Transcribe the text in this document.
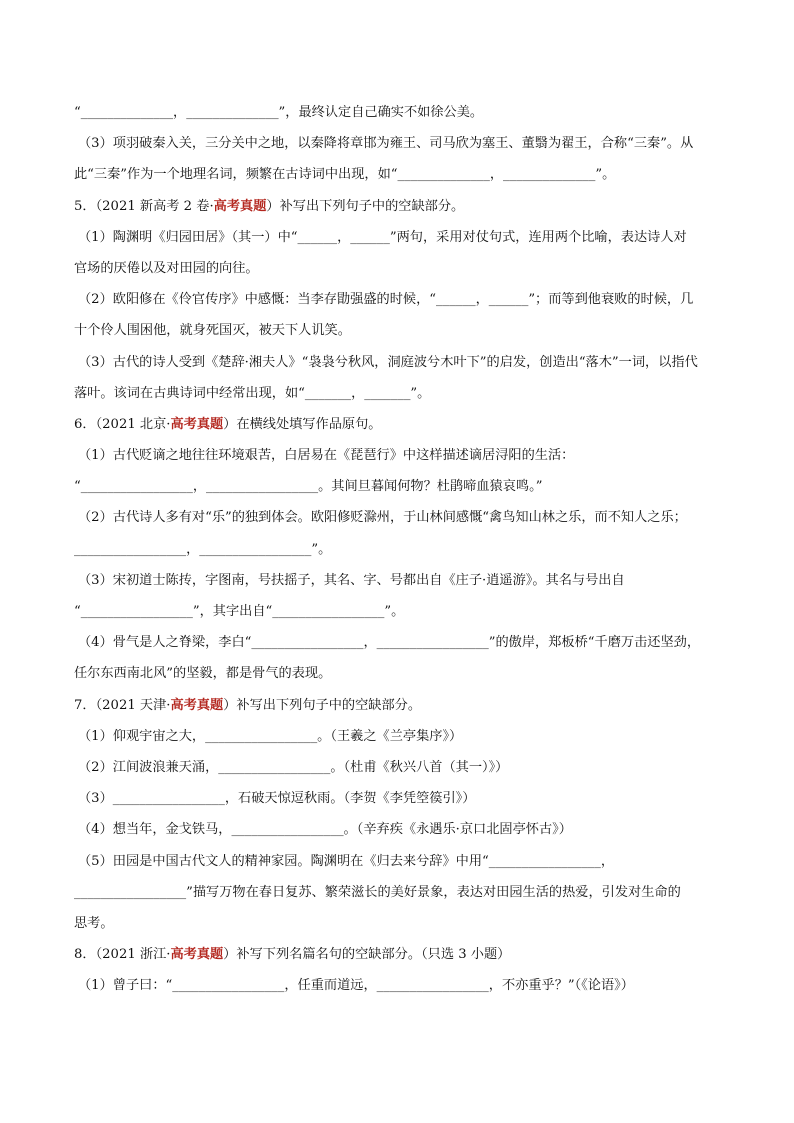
“______________，______________”，最终认定自己确实不如徐公美。
（3）项羽破秦入关，三分关中之地，以秦降将章邯为雍王、司马欣为塞王、董翳为翟王，合称“三秦”。从
此“三秦”作为一个地理名词，频繁在古诗词中出现，如“______________，______________”。
5．（2021 新高考 2 卷·高考真题）补写出下列句子中的空缺部分。
（1）陶渊明《归园田居》（其一）中“______，______”两句，采用对仗句式，连用两个比喻，表达诗人对
官场的厌倦以及对田园的向往。
（2）欧阳修在《伶官传序》中感慨：当李存勖强盛的时候，“______，______”；而等到他衰败的时候，几
十个伶人围困他，就身死国灭，被天下人讥笑。
（3）古代的诗人受到《楚辞·湘夫人》“袅袅兮秋风，洞庭波兮木叶下”的启发，创造出“落木”一词，以指代
落叶。该词在古典诗词中经常出现，如“_______，_______”。
6．（2021 北京·高考真题）在横线处填写作品原句。
（1）古代贬谪之地往往环境艰苦，白居易在《琵琶行》中这样描述谪居浔阳的生活：
“_________________，_________________。其间旦暮闻何物？杜鹃啼血猿哀鸣。”
（2）古代诗人多有对“乐”的独到体会。欧阳修贬滁州，于山林间感慨“禽鸟知山林之乐，而不知人之乐；
_________________，_________________”。
（3）宋初道士陈抟，字图南，号扶摇子，其名、字、号都出自《庄子·逍遥游》。其名与号出自
“_________________”，其字出自“_________________”。
（4）骨气是人之脊梁，李白“_________________，_________________”的傲岸，郑板桥“千磨万击还坚劲，
任尔东西南北风”的坚毅，都是骨气的表现。
7．（2021 天津·高考真题）补写出下列句子中的空缺部分。
（1）仰观宇宙之大，_________________。（王羲之《兰亭集序》）
（2）江间波浪兼天涌，_________________。（杜甫《秋兴八首（其一）》）
（3）_________________，石破天惊逗秋雨。（李贺《李凭箜篌引》）
（4）想当年，金戈铁马，_________________。（辛弃疾《永遇乐·京口北固亭怀古》）
（5）田园是中国古代文人的精神家园。陶渊明在《归去来兮辞》中用“_________________，
_________________”描写万物在春日复苏、繁荣滋长的美好景象，表达对田园生活的热爱，引发对生命的
思考。
8．（2021 浙江·高考真题）补写下列名篇名句的空缺部分。（只选 3 小题）
（1）曾子曰：“_________________，任重而道远，_________________，不亦重乎？”（《论语》）
